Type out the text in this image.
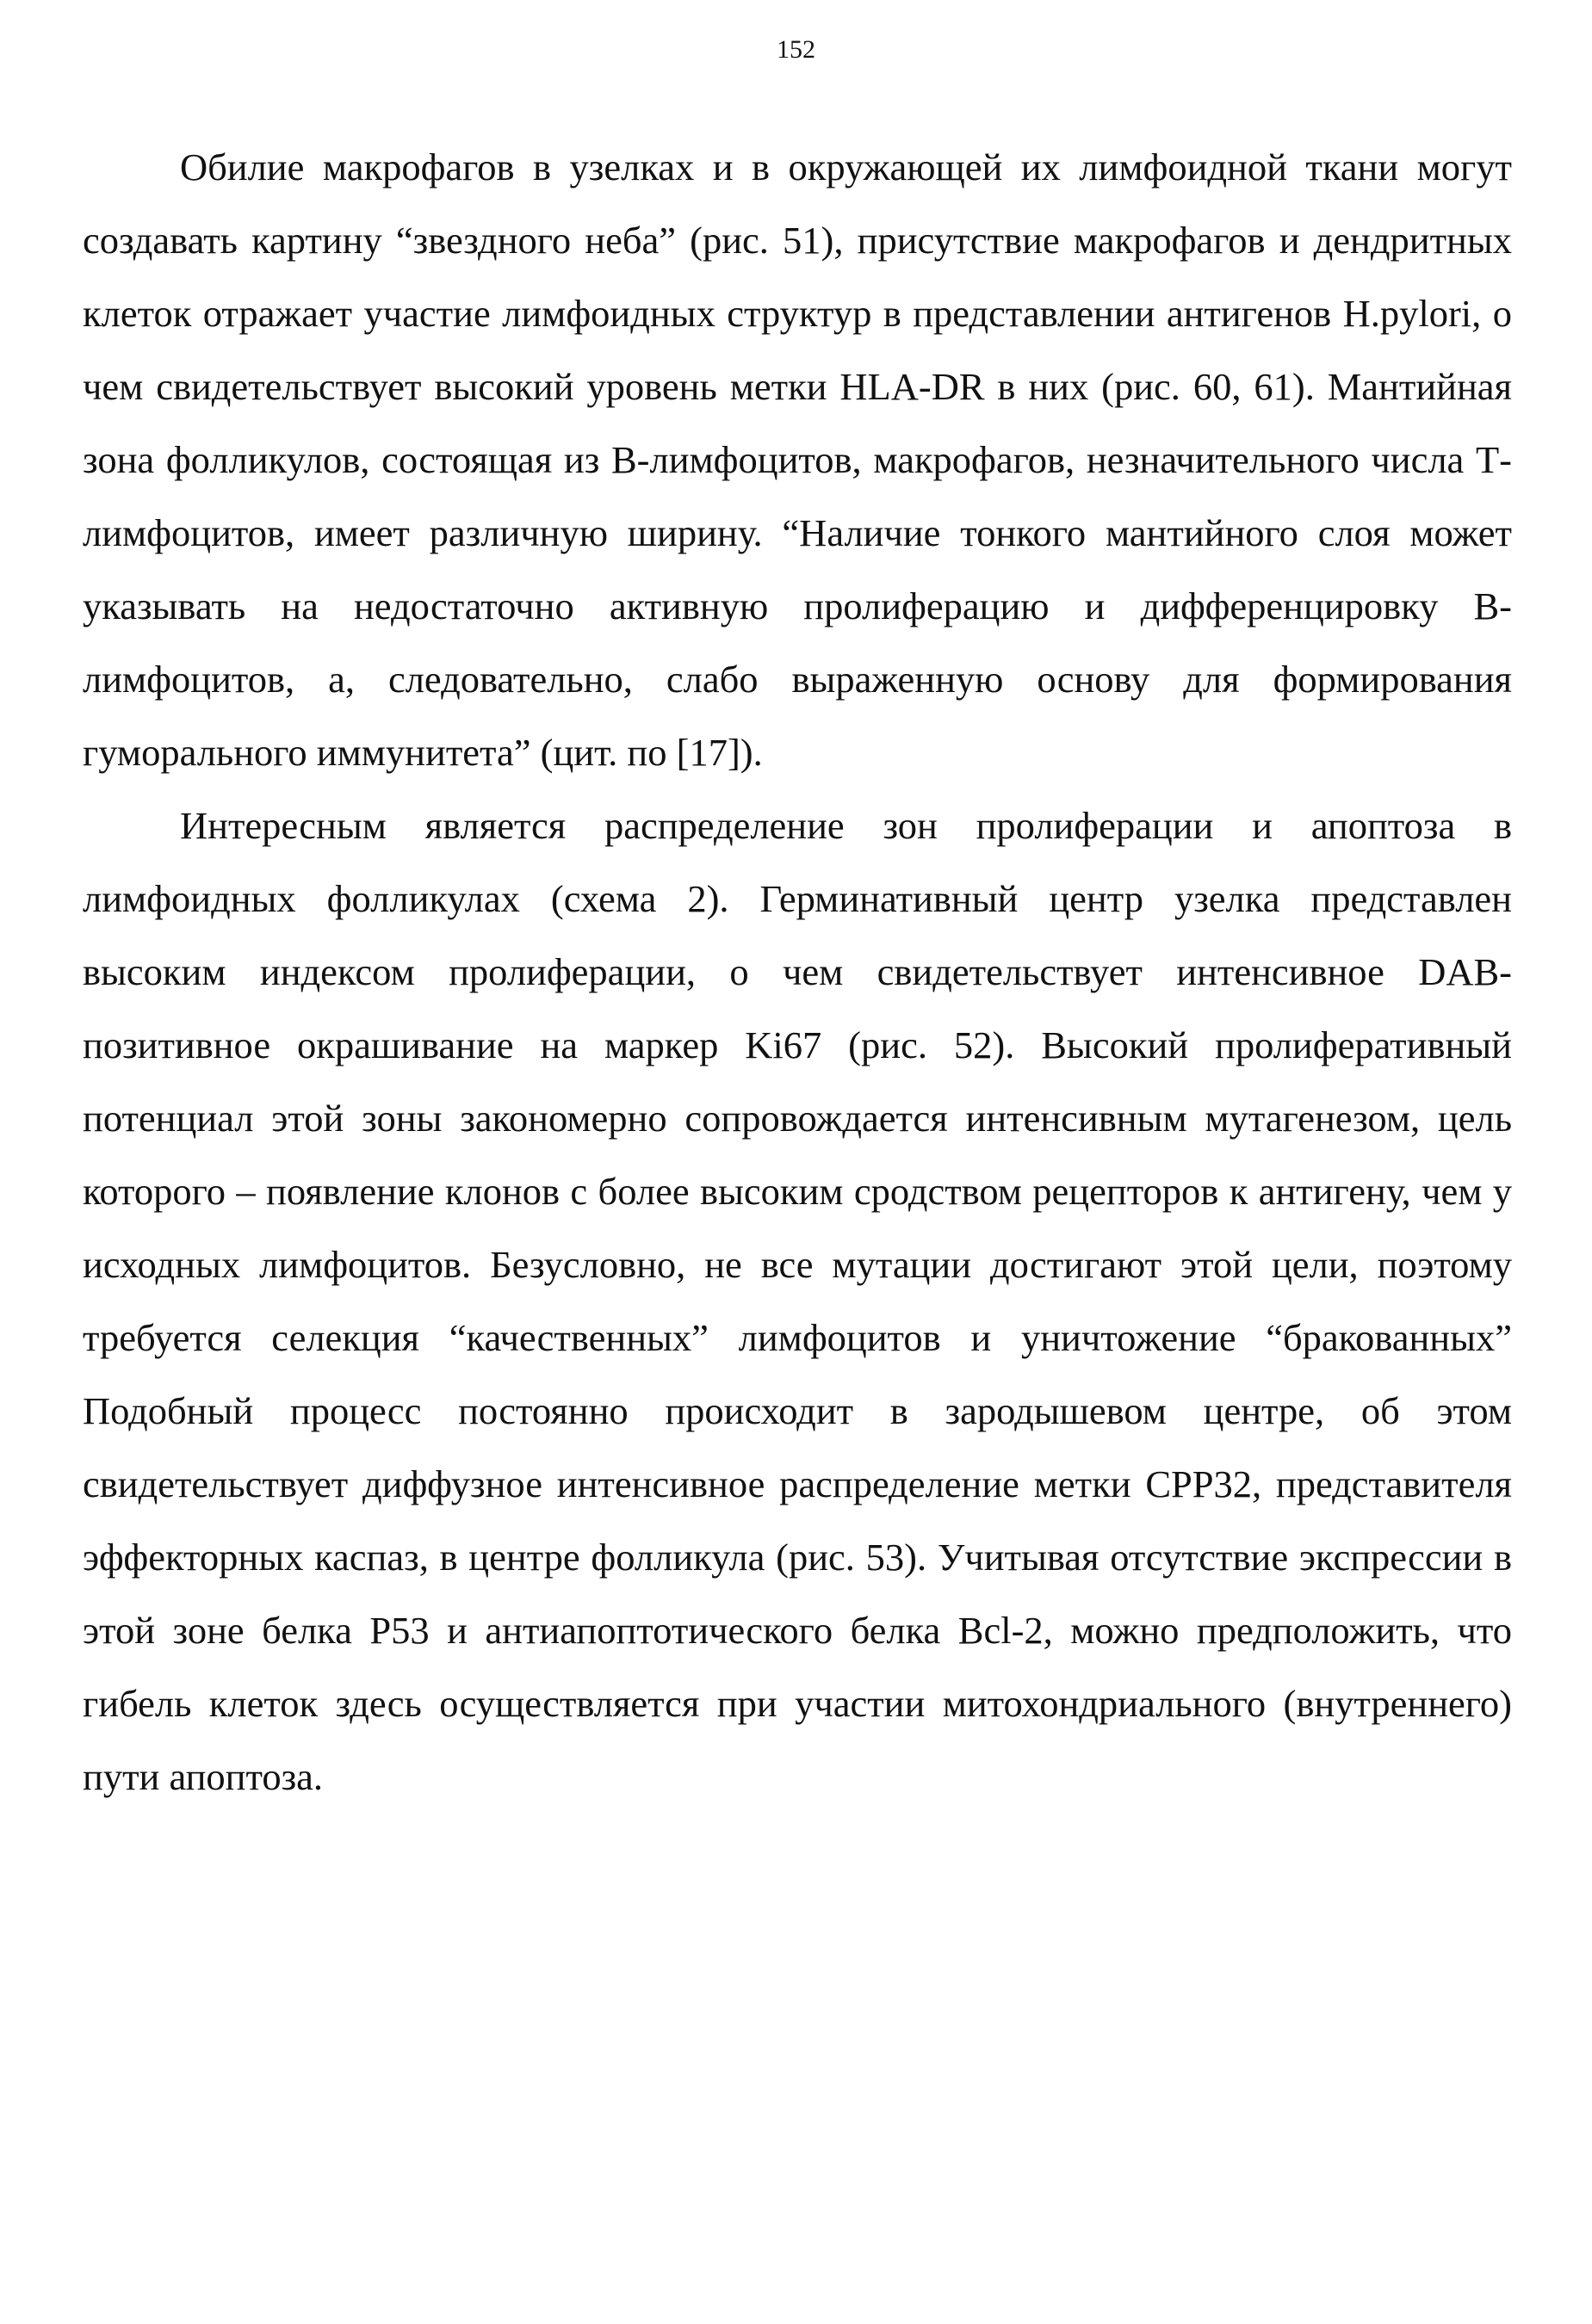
152

Обилие макрофагов в узелках и в окружающей их лимфоидной ткани могут создавать картину “звездного неба” (рис. 51), присутствие макрофагов и дендритных клеток отражает участие лимфоидных структур в представлении антигенов H.pylori, о чем свидетельствует высокий уровень метки HLA-DR в них (рис. 60, 61). Мантийная зона фолликулов, состоящая из В-лимфоцитов, макрофагов, незначительного числа Т-лимфоцитов, имеет различную ширину. “Наличие тонкого мантийного слоя может указывать на недостаточно активную пролиферацию и дифференцировку В-лимфоцитов, а, следовательно, слабо выраженную основу для формирования гуморального иммунитета” (цит. по [17]).

Интересным является распределение зон пролиферации и апоптоза в лимфоидных фолликулах (схема 2). Герминативный центр узелка представлен высоким индексом пролиферации, о чем свидетельствует интенсивное DAB-позитивное окрашивание на маркер Ki67 (рис. 52). Высокий пролиферативный потенциал этой зоны закономерно сопровождается интенсивным мутагенезом, цель которого – появление клонов с более высоким сродством рецепторов к антигену, чем у исходных лимфоцитов. Безусловно, не все мутации достигают этой цели, поэтому требуется селекция “качественных” лимфоцитов и уничтожение “бракованных” Подобный процесс постоянно происходит в зародышевом центре, об этом свидетельствует диффузное интенсивное распределение метки CPP32, представителя эффекторных каспаз, в центре фолликула (рис. 53). Учитывая отсутствие экспрессии в этой зоне белка P53 и антиапоптотического белка Bcl-2, можно предположить, что гибель клеток здесь осуществляется при участии митохондриального (внутреннего) пути апоптоза.
